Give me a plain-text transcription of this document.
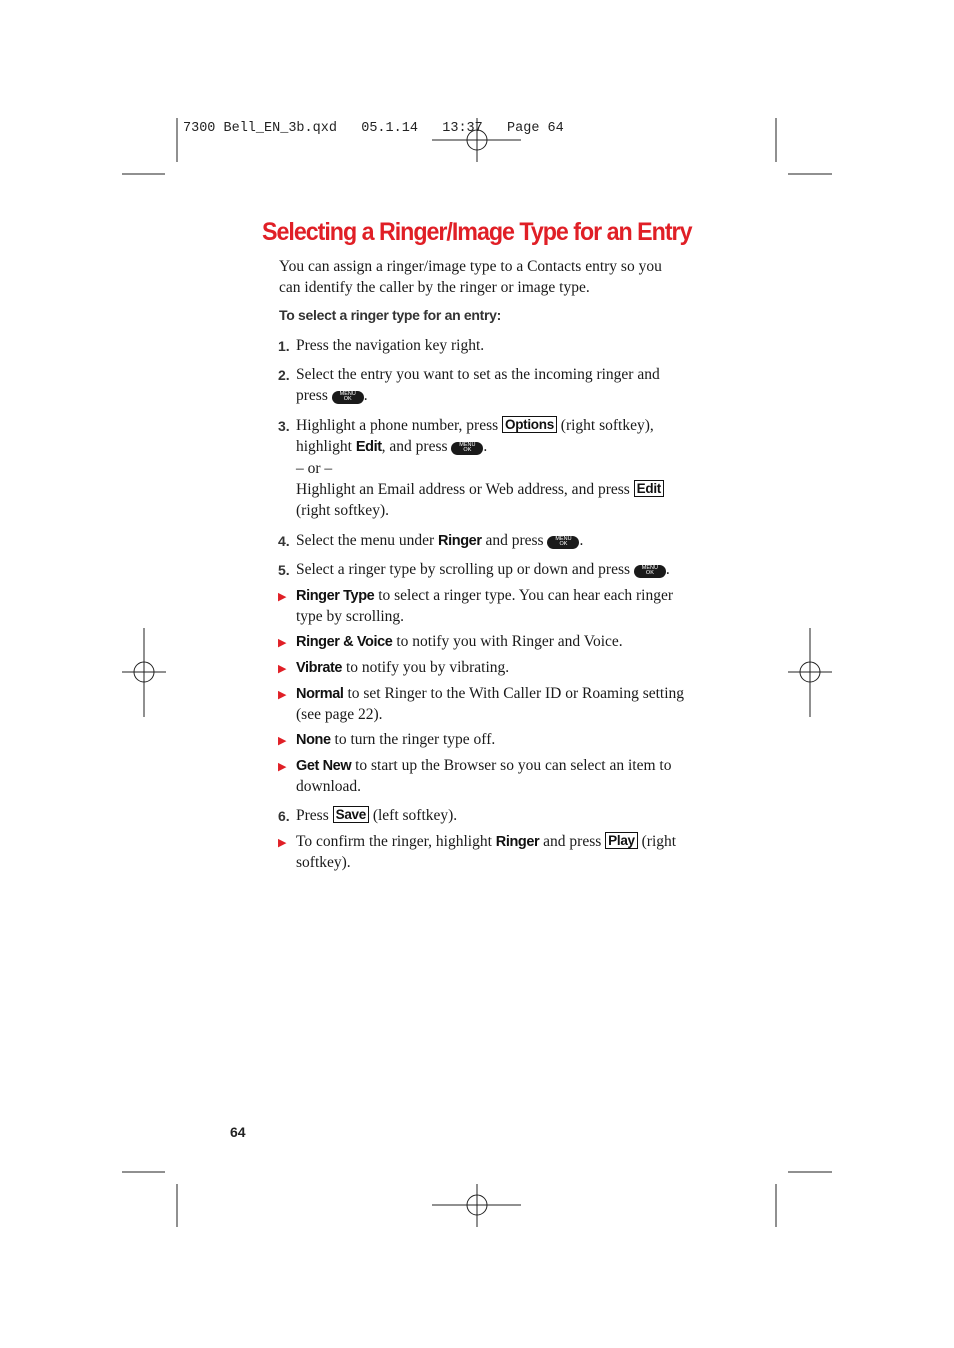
7300 Bell_EN_3b.qxd   05.1.14   13:37   Page 64
Selecting a Ringer/Image Type for an Entry
You can assign a ringer/image type to a Contacts entry so you
can identify the caller by the ringer or image type.
To select a ringer type for an entry:
1. Press the navigation key right.
2. Select the entry you want to set as the incoming ringer and
press	MENU
OK .
3. Highlight a phone number, press Options (right softkey),
highlight Edit, and press	MENU
OK .
– or –
Highlight an Email address or Web address, and press Edit
(right softkey).
4. Select the menu under Ringer and press	MENU
OK .
5. Select a ringer type by scrolling up or down and press	MENU
OK .
▶ Ringer Type to select a ringer type. You can hear each ringer
type by scrolling.
▶ Ringer & Voice to notify you with Ringer and Voice.
▶ Vibrate to notify you by vibrating.
▶ Normal to set Ringer to the With Caller ID or Roaming setting
(see page 22).
▶ None to turn the ringer type off.
▶ Get New to start up the Browser so you can select an item to
download.
6. Press Save (left softkey).
▶ To confirm the ringer, highlight Ringer and press Play (right
softkey).
64
